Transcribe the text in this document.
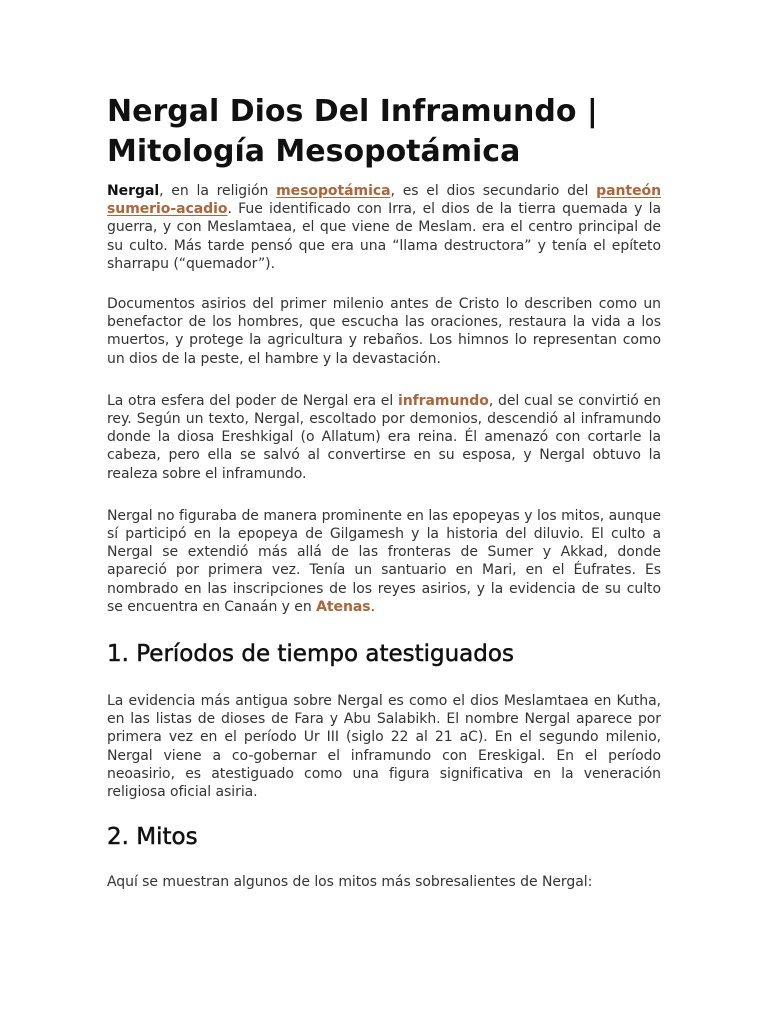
Nergal Dios Del Inframundo | Mitología Mesopotámica

Nergal, en la religión mesopotámica, es el dios secundario del panteón sumerio-acadio. Fue identificado con Irra, el dios de la tierra quemada y la guerra, y con Meslamtaea, el que viene de Meslam. era el centro principal de su culto. Más tarde pensó que era una “llama destructora” y tenía el epíteto sharrapu (“quemador”).

Documentos asirios del primer milenio antes de Cristo lo describen como un benefactor de los hombres, que escucha las oraciones, restaura la vida a los muertos, y protege la agricultura y rebaños. Los himnos lo representan como un dios de la peste, el hambre y la devastación.

La otra esfera del poder de Nergal era el inframundo, del cual se convirtió en rey. Según un texto, Nergal, escoltado por demonios, descendió al inframundo donde la diosa Ereshkigal (o Allatum) era reina. Él amenazó con cortarle la cabeza, pero ella se salvó al convertirse en su esposa, y Nergal obtuvo la realeza sobre el inframundo.

Nergal no figuraba de manera prominente en las epopeyas y los mitos, aunque sí participó en la epopeya de Gilgamesh y la historia del diluvio. El culto a Nergal se extendió más allá de las fronteras de Sumer y Akkad, donde apareció por primera vez. Tenía un santuario en Mari, en el Éufrates. Es nombrado en las inscripciones de los reyes asirios, y la evidencia de su culto se encuentra en Canaán y en Atenas.

1. Períodos de tiempo atestiguados

La evidencia más antigua sobre Nergal es como el dios Meslamtaea en Kutha, en las listas de dioses de Fara y Abu Salabikh. El nombre Nergal aparece por primera vez en el período Ur III (siglo 22 al 21 aC). En el segundo milenio, Nergal viene a co-gobernar el inframundo con Ereskigal. En el período neoasirio, es atestiguado como una figura significativa en la veneración religiosa oficial asiria.

2. Mitos

Aquí se muestran algunos de los mitos más sobresalientes de Nergal:
